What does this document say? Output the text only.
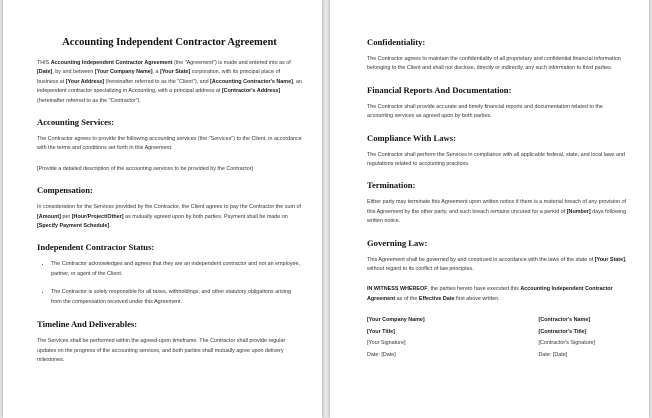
Accounting Independent Contractor Agreement

THIS Accounting Independent Contractor Agreement (the "Agreement") is made and entered into as of [Date], by and between [Your Company Name], a [Your State] corporation, with its principal place of business at [Your Address] (hereinafter referred to as the "Client"), and [Accounting Contractor's Name], an independent contractor specializing in Accounting, with a principal address at [Contractor's Address] (hereinafter referred to as the "Contractor").

Accounting Services:

The Contractor agrees to provide the following accounting services (the "Services") to the Client, in accordance with the terms and conditions set forth in this Agreement:

[Provide a detailed description of the accounting services to be provided by the Contractor]

Compensation:

In consideration for the Services provided by the Contractor, the Client agrees to pay the Contractor the sum of [Amount] per [Hour/Project/Other] as mutually agreed upon by both parties. Payment shall be made on [Specify Payment Schedule].

Independent Contractor Status:
• The Contractor acknowledges and agrees that they are an independent contractor and not an employee, partner, or agent of the Client.
• The Contractor is solely responsible for all taxes, withholdings, and other statutory obligations arising from the compensation received under this Agreement.
Timeline And Deliverables:

The Services shall be performed within the agreed-upon timeframe. The Contractor shall provide regular updates on the progress of the accounting services, and both parties shall mutually agree upon delivery milestones.

Confidentiality:

The Contractor agrees to maintain the confidentiality of all proprietary and confidential financial information belonging to the Client and shall not disclose, directly or indirectly, any such information to third parties.

Financial Reports And Documentation:

The Contractor shall provide accurate and timely financial reports and documentation related to the accounting services as agreed upon by both parties.

Compliance With Laws:

The Contractor shall perform the Services in compliance with all applicable federal, state, and local laws and regulations related to accounting practices.

Termination:

Either party may terminate this Agreement upon written notice if there is a material breach of any provision of this Agreement by the other party, and such breach remains uncured for a period of [Number] days following written notice.

Governing Law:

This Agreement shall be governed by and construed in accordance with the laws of the state of [Your State], without regard to its conflict of law principles.

IN WITNESS WHEREOF, the parties hereto have executed this Accounting Independent Contractor Agreement as of the Effective Date first above written.

[Your Company Name]

[Your Title]

[Your Signature]

Date: [Date]

[Contractor's Name]

[Contractor's Title]

[Contractor's Signature]

Date: [Date]
